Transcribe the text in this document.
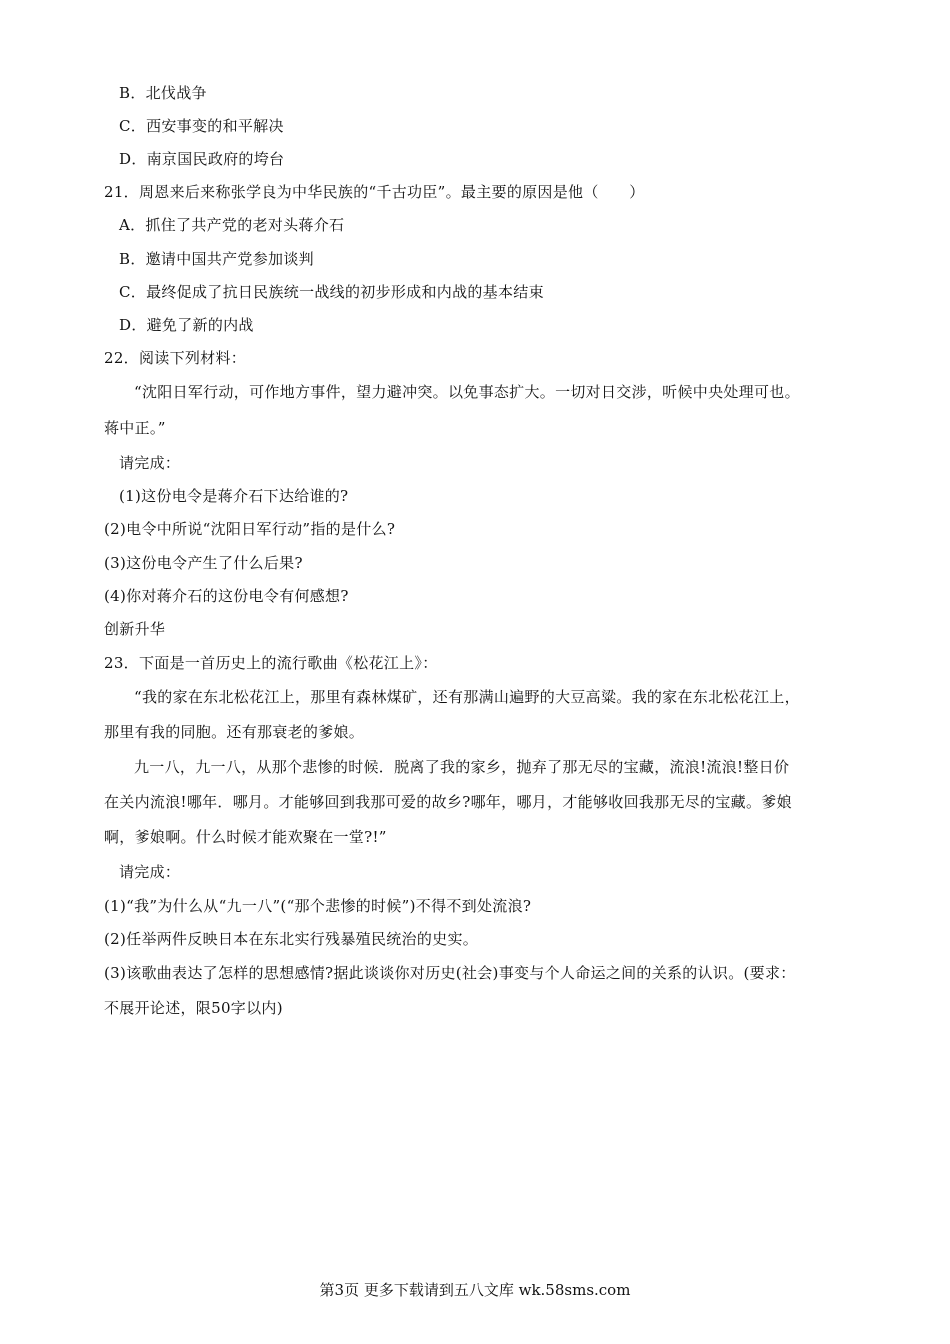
B．北伐战争
C．西安事变的和平解决
D．南京国民政府的垮台
21．周恩来后来称张学良为中华民族的“千古功臣”。最主要的原因是他（　　）
A．抓住了共产党的老对头蒋介石
B．邀请中国共产党参加谈判
C．最终促成了抗日民族统一战线的初步形成和内战的基本结束
D．避免了新的内战
22．阅读下列材料：
“沈阳日军行动，可作地方事件，望力避冲突。以免事态扩大。一切对日交涉，听候中央处理可也。
蒋中正。”
请完成：
(1)这份电令是蒋介石下达给谁的?
(2)电令中所说“沈阳日军行动”指的是什么?
(3)这份电令产生了什么后果?
(4)你对蒋介石的这份电令有何感想?
创新升华
23．下面是一首历史上的流行歌曲《松花江上》：
“我的家在东北松花江上，那里有森林煤矿，还有那满山遍野的大豆高粱。我的家在东北松花江上，
那里有我的同胞。还有那衰老的爹娘。
九一八，九一八，从那个悲惨的时候．脱离了我的家乡，抛弃了那无尽的宝藏，流浪!流浪!整日价
在关内流浪!哪年．哪月。才能够回到我那可爱的故乡?哪年，哪月，才能够收回我那无尽的宝藏。爹娘
啊，爹娘啊。什么时候才能欢聚在一堂?!”
请完成：
(1)“我”为什么从“九一八”(“那个悲惨的时候”)不得不到处流浪?
(2)任举两件反映日本在东北实行残暴殖民统治的史实。
(3)该歌曲表达了怎样的思想感情?据此谈谈你对历史(社会)事变与个人命运之间的关系的认识。(要求：
不展开论述，限50字以内)
第3页 更多下载请到五八文库 wk.58sms.com
